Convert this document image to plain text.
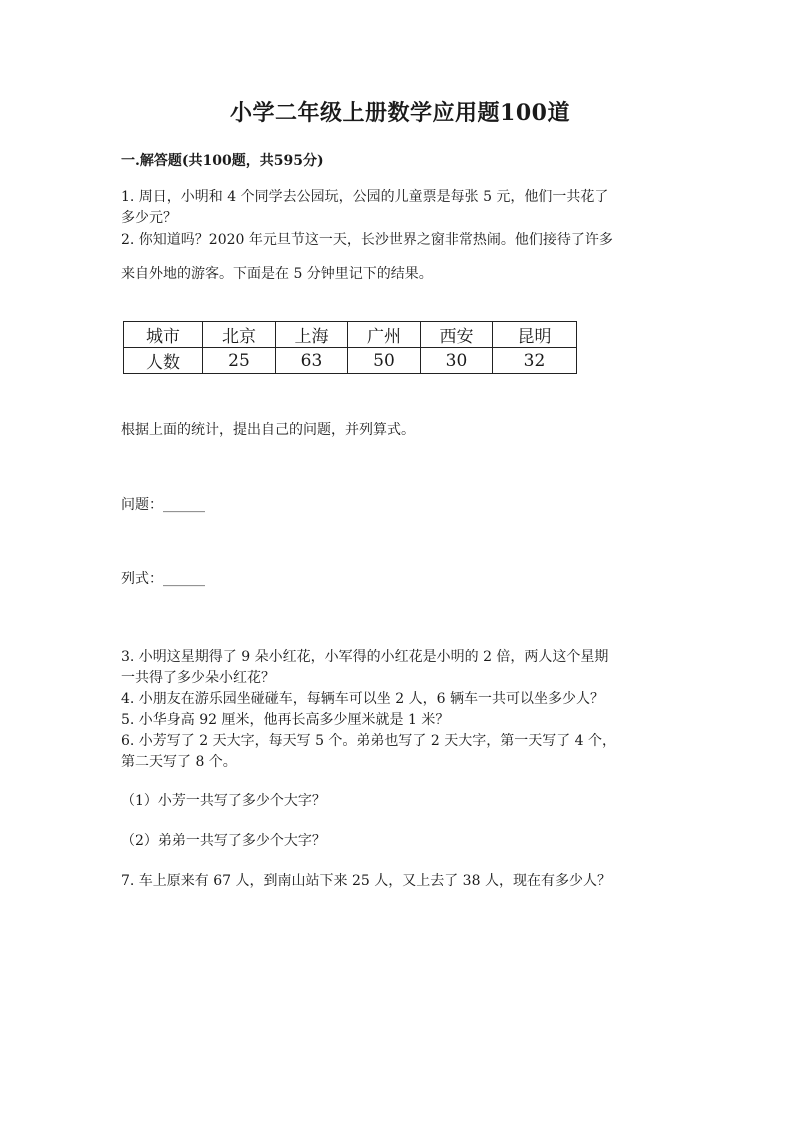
小学二年级上册数学应用题100道
一.解答题(共100题，共595分)
1. 周日，小明和 4 个同学去公园玩，公园的儿童票是每张 5 元，他们一共花了
多少元？
2. 你知道吗？2020 年元旦节这一天，长沙世界之窗非常热闹。他们接待了许多
来自外地的游客。下面是在 5 分钟里记下的结果。
城市	北京	上海	广州	西安	昆明
人数	25	63	50	30	32
根据上面的统计，提出自己的问题，并列算式。
问题：______
列式：______
3. 小明这星期得了 9 朵小红花，小军得的小红花是小明的 2 倍，两人这个星期
一共得了多少朵小红花？
4. 小朋友在游乐园坐碰碰车，每辆车可以坐 2 人，6 辆车一共可以坐多少人？
5. 小华身高 92 厘米，他再长高多少厘米就是 1 米？
6. 小芳写了 2 天大字，每天写 5 个。弟弟也写了 2 天大字，第一天写了 4 个，
第二天写了 8 个。
（1）小芳一共写了多少个大字？
（2）弟弟一共写了多少个大字？
7. 车上原来有 67 人，到南山站下来 25 人，又上去了 38 人，现在有多少人？
